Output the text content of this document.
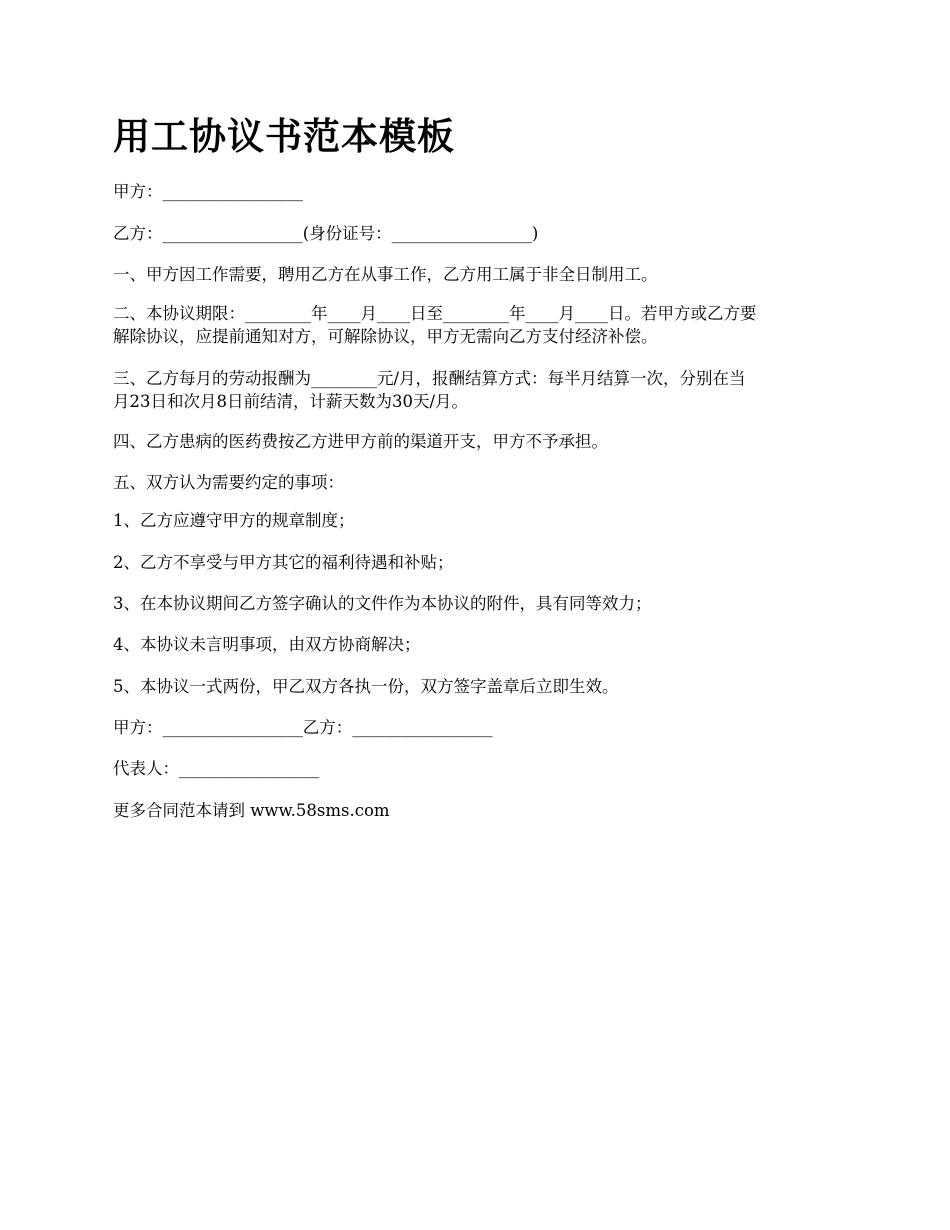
用工协议书范本模板

甲方：_________________

乙方：_________________(身份证号：_________________)

一、甲方因工作需要，聘用乙方在从事工作，乙方用工属于非全日制用工。

二、本协议期限：________年____月____日至________年____月____日。若甲方或乙方要

解除协议，应提前通知对方，可解除协议，甲方无需向乙方支付经济补偿。

三、乙方每月的劳动报酬为________元/月，报酬结算方式：每半月结算一次，分别在当

月23日和次月8日前结清，计薪天数为30天/月。

四、乙方患病的医药费按乙方进甲方前的渠道开支，甲方不予承担。

五、双方认为需要约定的事项：

1、乙方应遵守甲方的规章制度；

2、乙方不享受与甲方其它的福利待遇和补贴；

3、在本协议期间乙方签字确认的文件作为本协议的附件，具有同等效力；

4、本协议未言明事项，由双方协商解决；

5、本协议一式两份，甲乙双方各执一份，双方签字盖章后立即生效。

甲方：_________________乙方：_________________

代表人：_________________

更多合同范本请到 www.58sms.com
